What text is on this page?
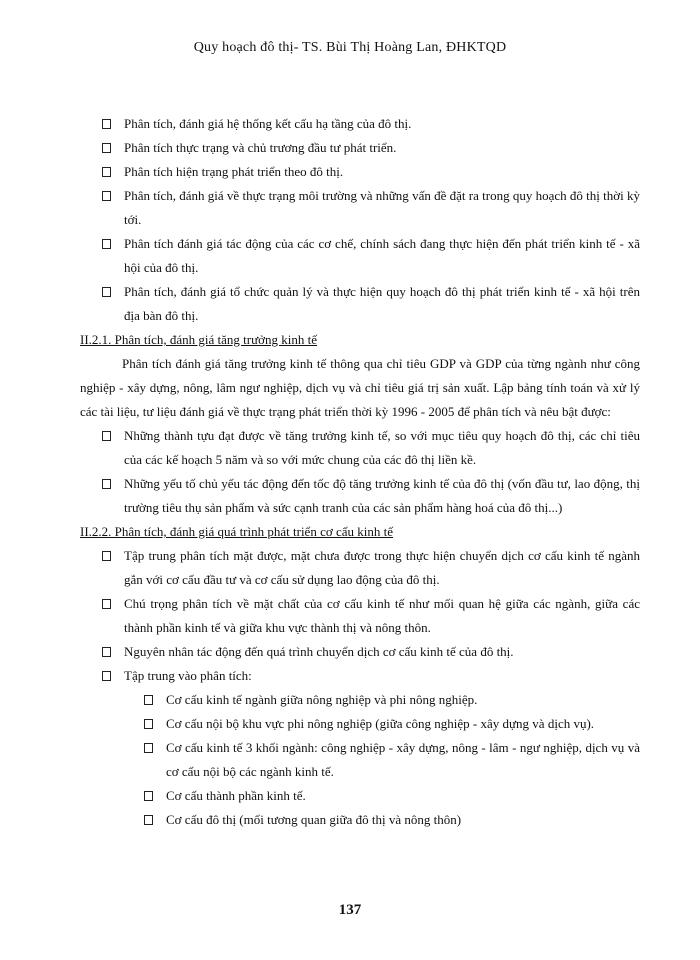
Quy hoạch đô thị- TS. Bùi Thị Hoàng Lan, ĐHKTQD
Phân tích, đánh giá hệ thống kết cấu hạ tầng của đô thị.
Phân tích thực trạng và chủ trương đầu tư phát triển.
Phân tích hiện trạng phát triển theo đô thị.
Phân tích, đánh giá về thực trạng môi trường và những vấn đề đặt ra trong quy hoạch đô thị thời kỳ tới.
Phân tích đánh giá tác động của các cơ chế, chính sách đang thực hiện đến phát triển kinh tế - xã hội của đô thị.
Phân tích, đánh giá tổ chức quản lý và thực hiện quy hoạch đô thị phát triển kinh tế - xã hội trên địa bàn đô thị.
II.2.1. Phân tích, đánh giá tăng trưởng kinh tế
Phân tích đánh giá tăng trưởng kinh tế thông qua chỉ tiêu GDP và GDP của từng ngành như công nghiệp - xây dựng, nông, lâm ngư nghiệp, dịch vụ và chỉ tiêu giá trị sản xuất. Lập bảng tính toán và xử lý các tài liệu, tư liệu đánh giá về thực trạng phát triển thời kỳ 1996 - 2005 để phân tích và nêu bật được:
Những thành tựu đạt được về tăng trưởng kinh tế, so với mục tiêu quy hoạch đô thị, các chỉ tiêu của các kế hoạch 5 năm và so với mức chung của các đô thị liền kề.
Những yếu tố chủ yếu tác động đến tốc độ tăng trưởng kinh tế của đô thị (vốn đầu tư, lao động, thị trường tiêu thụ sản phẩm và sức cạnh tranh của các sản phẩm hàng hoá của đô thị...)
II.2.2. Phân tích, đánh giá quá trình phát triển cơ cấu kinh tế
Tập trung phân tích mặt được, mặt chưa được trong thực hiện chuyển dịch cơ cấu kinh tế ngành gắn với cơ cấu đầu tư và cơ cấu sử dụng lao động của đô thị.
Chú trọng phân tích về mặt chất của cơ cấu kinh tế như mối quan hệ giữa các ngành, giữa các thành phần kinh tế và giữa khu vực thành thị và nông thôn.
Nguyên nhân tác động đến quá trình chuyển dịch cơ cấu kinh tế của đô thị.
Tập trung vào phân tích:
Cơ cấu kinh tế ngành giữa nông nghiệp và phi nông nghiệp.
Cơ cấu nội bộ khu vực phi nông nghiệp (giữa công nghiệp - xây dựng và dịch vụ).
Cơ cấu kinh tế 3 khối ngành: công nghiệp - xây dựng, nông - lâm - ngư nghiệp, dịch vụ và cơ cấu nội bộ các ngành kinh tế.
Cơ cấu thành phần kinh tế.
Cơ cấu đô thị (mối tương quan giữa đô thị và nông thôn)
137
